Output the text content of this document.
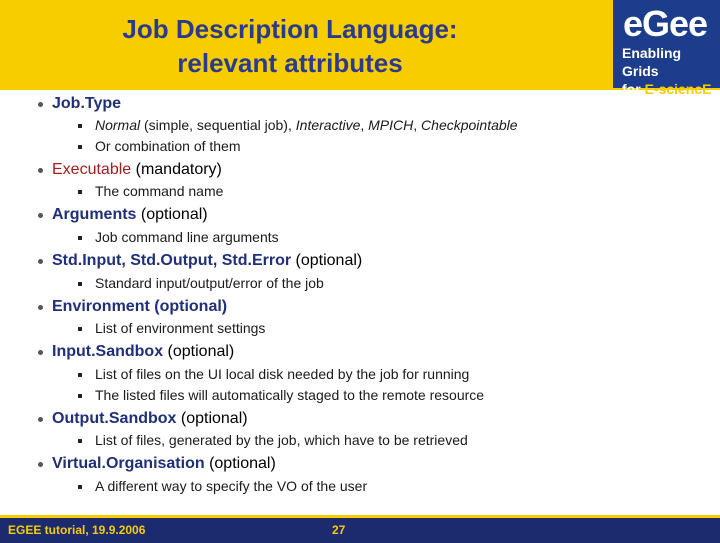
Job Description Language:
relevant attributes
eGee
Enabling Grids
for E-sciencE
Job.Type
Normal (simple, sequential job), Interactive, MPICH, Checkpointable
Or combination of them
Executable (mandatory)
The command name
Arguments (optional)
Job command line arguments
Std.Input, Std.Output, Std.Error (optional)
Standard input/output/error of the job
Environment (optional)
List of environment settings
Input.Sandbox (optional)
List of files on the UI local disk needed by the job for running
The listed files will automatically staged to the remote resource
Output.Sandbox (optional)
List of files, generated by the job, which have to be retrieved
Virtual.Organisation (optional)
A different way to specify the VO of the user
EGEE tutorial, 19.9.2006	27
